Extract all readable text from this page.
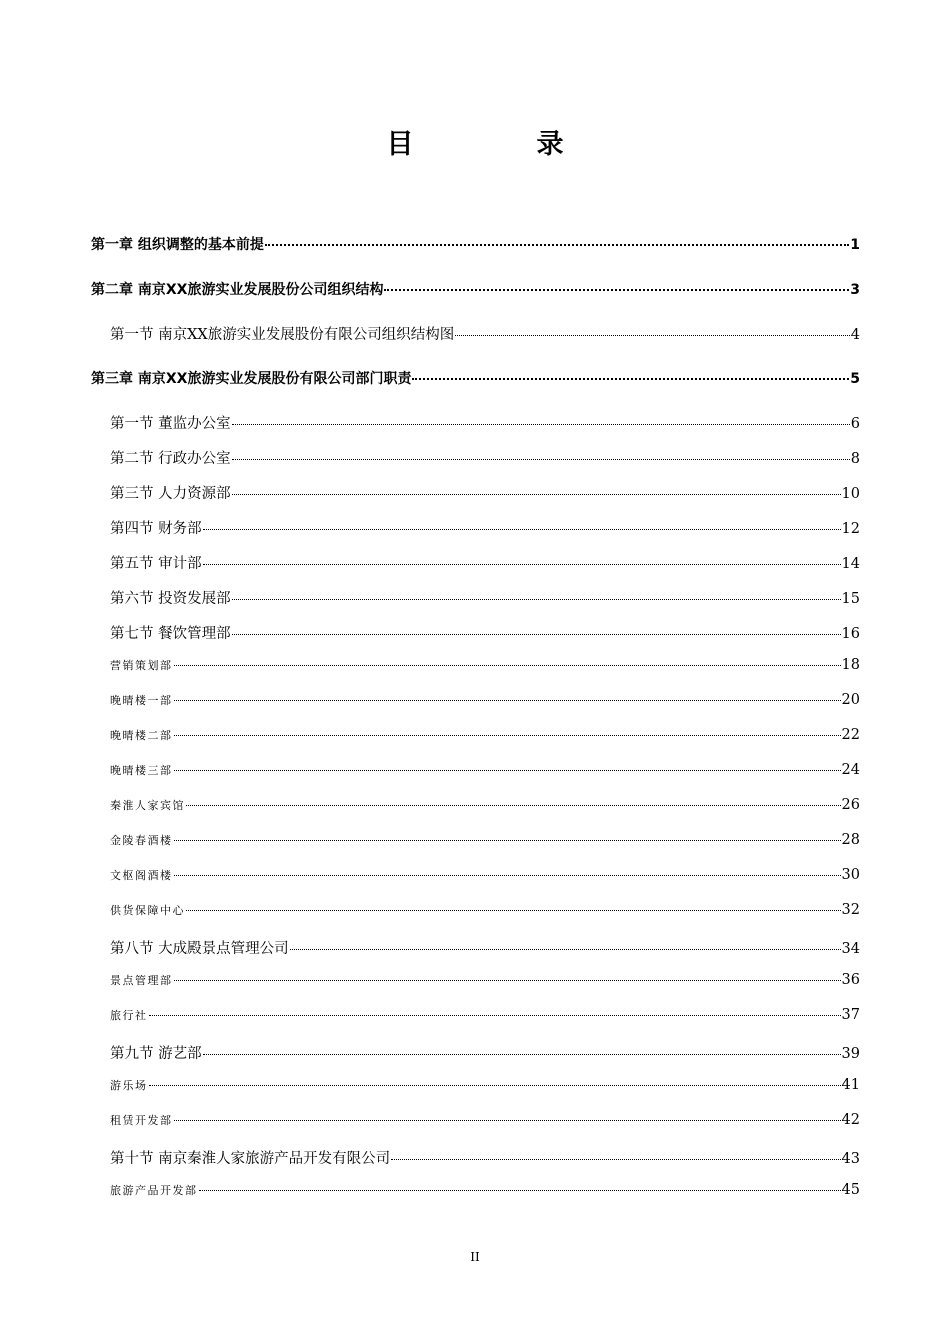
目　录
第一章 组织调整的基本前提	1
第二章 南京XX旅游实业发展股份公司组织结构	3
第一节 南京XX旅游实业发展股份有限公司组织结构图	4
第三章 南京XX旅游实业发展股份有限公司部门职责	5
第一节 董监办公室	6
第二节 行政办公室	8
第三节 人力资源部	10
第四节 财务部	12
第五节 审计部	14
第六节 投资发展部	15
第七节 餐饮管理部	16
营销策划部	18
晚晴楼一部	20
晚晴楼二部	22
晚晴楼三部	24
秦淮人家宾馆	26
金陵春酒楼	28
文枢阁酒楼	30
供货保障中心	32
第八节 大成殿景点管理公司	34
景点管理部	36
旅行社	37
第九节 游艺部	39
游乐场	41
租赁开发部	42
第十节 南京秦淮人家旅游产品开发有限公司	43
旅游产品开发部	45
II
